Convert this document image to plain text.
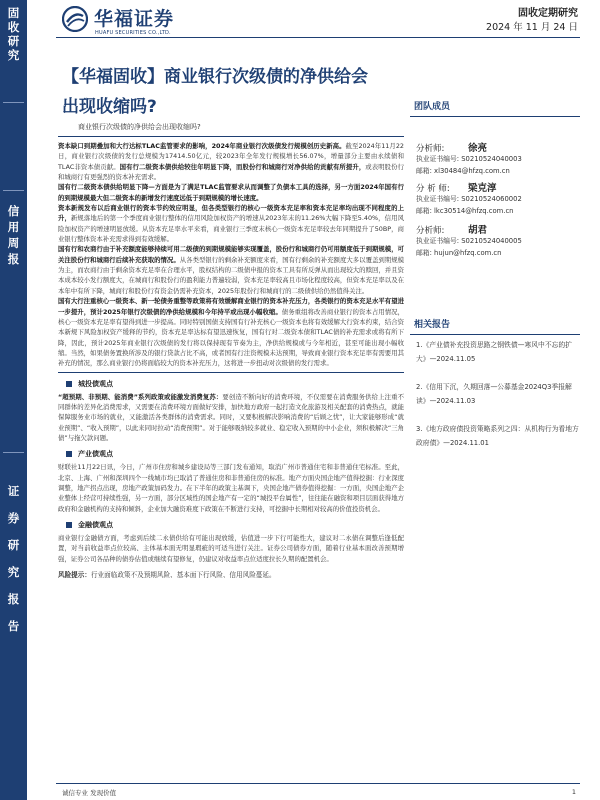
固
收
研
究
信
用
周
报
证
券
研
究
报
告
华福证券
HUAFU SECURITIES CO.,LTD.
固收定期研究
2024 年 11 月 24 日
【华福固收】商业银行次级债的净供给会
出现收缩吗?
商业银行次级债的净供给会出现收缩吗?

资本缺口到期叠加和大行达标TLAC监管要求的影响，2024年商业银行次级债发行规模创历史新高。截至2024年11月22日，商业银行次级债的发行总规模为17414.50亿元，较2023年全年发行规模增长56.07%，增量部分主要由永续债和TLAC非资本债贡献。国有行二级资本债供给较往年明显下降，而股份行和城商行对净供给的贡献有所提升，或表明股份行和城商行有更强烈的资本补充需求。

国有行二级资本债供给明显下降—方面是为了满足TLAC监管要求从而调整了负债本工具的选择，另一方面2024年国有行的到期规模最大但二级资本的新增发行速度远低于到期规模的增长速度。

资本新规发布以后商业银行的资本节约效应明显，但各类型银行的核心一级资本充足率和资本充足率均出现不同程度的上升，新规落地后的第一个季度商业银行整体的信用风险加权资产的增速从2023年末的11.26%大幅下降至5.40%，信用风险加权资产的增速明显放缓。从资本充足率水平来看，商业银行三季度末核心一级资本充足率较去年同期提升了50BP，商业银行整体资本补充需求得到有效缓解。

国有行和农商行由于补充额度能够持续可用二级债的到期规模能够实现覆盖，股份行和城商行仍可用额度低于到期规模，可关注股份行和城商行后续补充获取的情况。从各类型银行的剩余补充额度来看，国有行剩余的补充额度大多以覆盖到期规模为主，而农商行由于剩余资本充足率在合理水平，股权结构的二级债申报的资本工具有所反弹从而出现较大的赎回，并且资本成本较小发行额度大，在城商行和股份行的盈利能力普遍较弱，资本充足率较高且市场化程度较高，但资本充足率以及在本年中有所下降，城商行和股份行有资金仍需补充资本，2025年股份行和城商行的二级债供给仍然值得关注。

国有大行注重核心一级资本、新一轮债务重整等政策将有效缓解商业银行的资本补充压力，各类银行的资本充足水平有望进一步提升，预计2025年银行次级债的净供给规模和今年持平或出现小幅收缩。债务重组将改善商业银行的资本占用情况，核心一级资本充足率有望得到进一步提高。同时特别国债支持国有行补充核心一级资本也将有效缓解大行资本约束，结合资本新规下风险加权资产缓释的节约，资本充足率达标有望迅速恢复，国有行对二级资本债和TLAC债的补充需求或将有所下降，因此，预计2025年商业银行次级债的发行将以保持现有节奏为主，净供给规模或与今年相近，甚至可能出现小幅收缩。当然，如果债务置换所涉及的银行贷款占比不高，或者国有行注资规模未达预期，导致商业银行资本充足率有需要用其补充的情况，那么商业银行仍将面临较大的资本补充压力，这将进一步扭动对次级债的发行需求。

城投债观点

“超预期、非预期、能消费”系列政策或能激发消费复苏：要创造不断向好的消费环境，不仅需要在消费服务供给上注重不同群体的差异化消费需求，又需要在消费环境方面做好安排，加快地方政府一起打造文化旅游及相关配套的消费热点，就能保障服务业市场的就业，又能激活各类群体的消费需求。同时，又要积极解决影响消费的“后顾之忧”，让大家能够形成“就业预期”、“收入预期”，以此来同时拉动“消费预期”。对于能够吸纳较多就业、稳定收入预期的中小企业，须积极解决“三角债”与拖欠款问题。

产业债观点

财联社11月22日讯，今日，广州市住房和城乡建设局等三部门发布通知，取消广州市普通住宅和非普通住宅标准。至此，北京、上海、广州和深圳四个一线城市均已取消了普通住房和非普通住房的标准。地产方面央国企地产值得挖掘：行业深度调整，地产拐点出现，房地产政策加码发力。在下半年的政策主基调下，央国企地产债券值得挖掘：一方面，央国企地产企业整体上经营可持续性强，另一方面，部分区域性的国企地产有一定的“城投平台属性”，往往能在融资和项目层面获得地方政府和金融机构的支持和倾斜，企业加大融资难度下政策在不断进行支持，可挖掘中长期相对较高的价值投资机会。

金融债观点

商业银行金融债方面，考虑到后续二永债供给有可能出现放缓，估值进一步下行可能性大，建议对二永债在调整后逢低配置，对当前收益率点位较高、主体基本面无明显瑕疵的可适当进行关注。证券公司债券方面，随着行业基本面改善预期增强，证券公司各品种的债券估值或继续有望修复，仍建议对收益率点位适度拉长久期的配置机会。

风险提示：行业面临政策不及预期风险、基本面下行风险、信用风险蔓延。
团队成员
分析师:	徐亮
执业证书编号: S0210524040003
邮箱: xl30484@hfzq.com.cn
分 析 师:	梁克淳
执业证书编号: S0210524060002
邮箱: lkc30514@hfzq.com.cn
分析师:	胡君
执业证书编号: S0210524040005
邮箱: hujun@hfzq.com.cn
相关报告
1.《产业债补充投资思路之钢铁债—寒风中不忘的扩大》—2024.11.05
2.《信用下沉，久期回落—公募基金2024Q3季报解读》—2024.11.03
3.《地方政府债投资策略系列之四：从机构行为看地方政府债》—2024.11.01
诚信专业 发现价值	1
